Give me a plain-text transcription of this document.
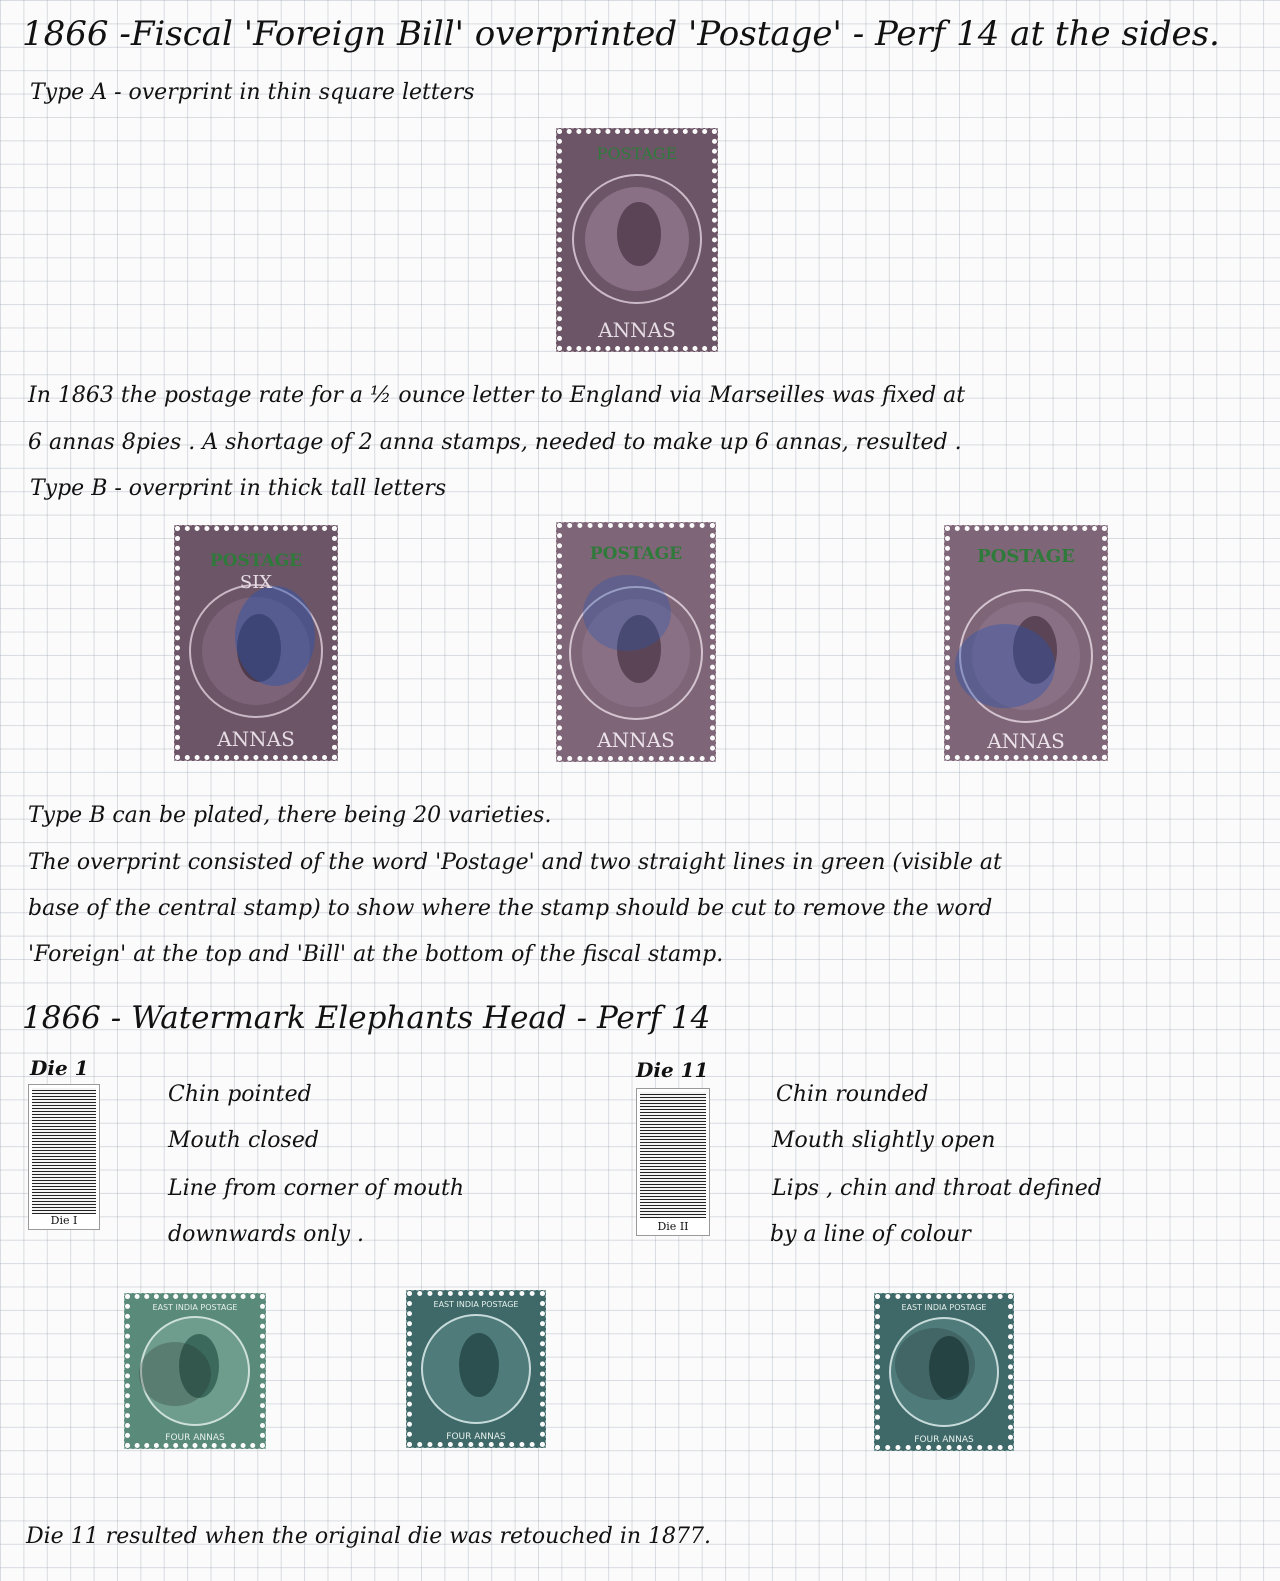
1866 -Fiscal 'Foreign Bill' overprinted 'Postage' - Perf 14 at the sides.
Type A - overprint in thin square letters
POSTAGE
ANNAS
In 1863 the postage rate for a ½ ounce letter to England via Marseilles was fixed at
6 annas 8pies . A shortage of 2 anna stamps, needed to make up 6 annas, resulted .
Type B - overprint in thick tall letters
POSTAGE
SIX
ANNAS
POSTAGE
ANNAS
POSTAGE
ANNAS
Type B can be plated, there being 20 varieties.
The overprint consisted of the word 'Postage' and two straight lines in green (visible at
base of the central stamp) to show where the stamp should be cut to remove the word
'Foreign' at the top and 'Bill' at the bottom of the fiscal stamp.
1866 - Watermark Elephants Head - Perf 14
Die 1
Die I
Chin pointed
Mouth closed
Line from corner of mouth
downwards only .
Die 11
Die II
Chin rounded
Mouth slightly open
Lips , chin and throat defined
by a line of colour
EAST INDIA POSTAGE
FOUR ANNAS
EAST INDIA POSTAGE
FOUR ANNAS
EAST INDIA POSTAGE
FOUR ANNAS
Die 11 resulted when the original die was retouched in 1877.
